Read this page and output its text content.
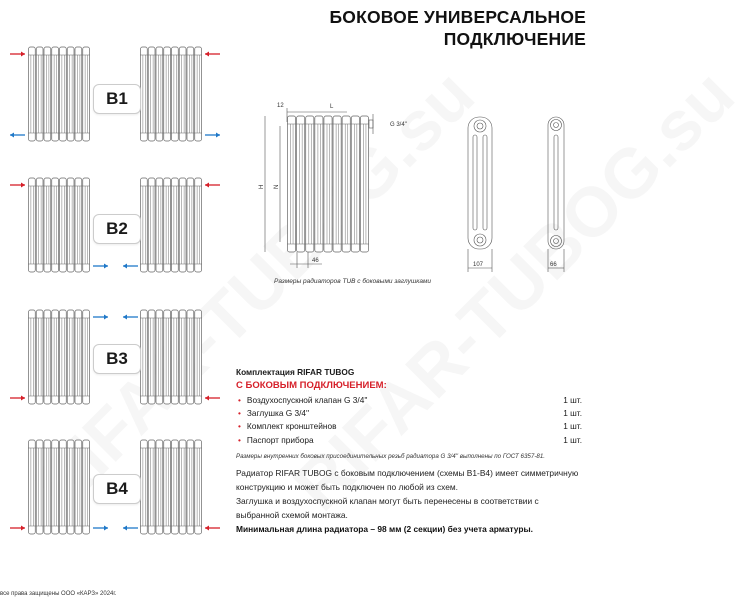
БОКОВОЕ УНИВЕРСАЛЬНОЕ
ПОДКЛЮЧЕНИЕ
B1
B2
B3
B4
12	L
H N
46
G 3/4''
107	66
Размеры радиаторов TUB с боковыми заглушками
Комплектация RIFAR TUBOG
С БОКОВЫМ ПОДКЛЮЧЕНИЕМ:
• Воздухоспускной клапан G 3/4''	1 шт.
• Заглушка G 3/4''	1 шт.
• Комплект кронштейнов	1 шт.
• Паспорт прибора	1 шт.
Размеры внутренних боковых присоединительных резьб радиатора G 3/4'' выполнены по ГОСТ 6357-81.
Радиатор RIFAR TUBOG с боковым подключением (схемы B1-B4) имеет симметричную конструкцию и может быть подключен по любой из схем.
Заглушка и воздухоспускной клапан могут быть перенесены в соответствии с выбранной схемой монтажа.
Минимальная длина радиатора – 98 мм (2 секции) без учета арматуры.
все права защищены ООО «КАРЗ» 2024г.
